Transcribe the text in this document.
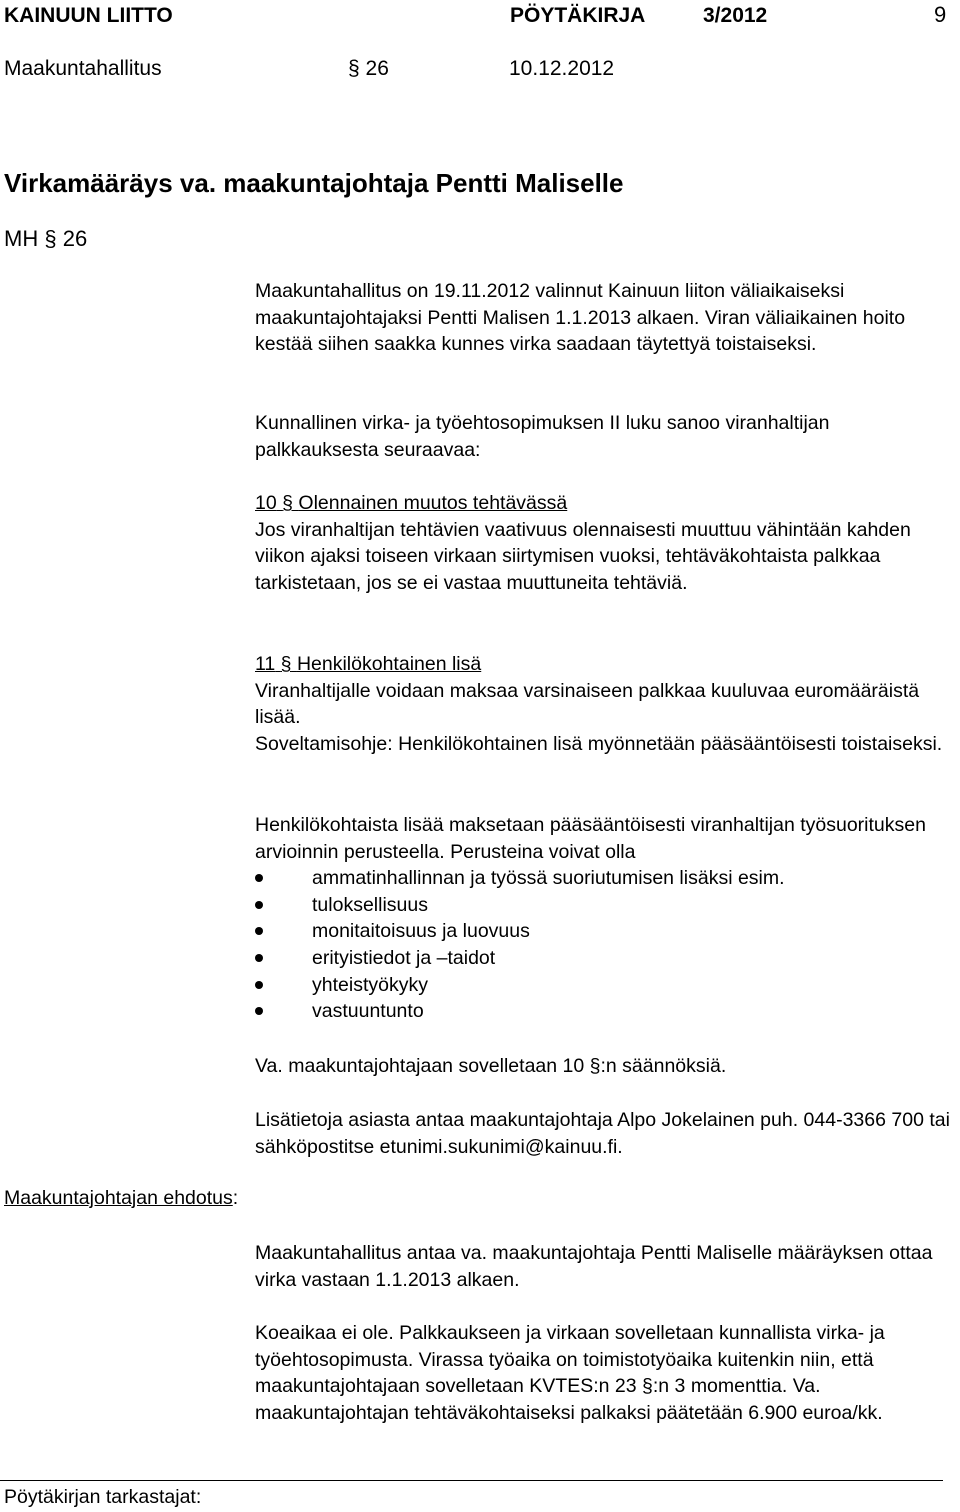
KAINUUN LIITTO	PÖYTÄKIRJA	3/2012	9
Maakuntahallitus	§ 26	10.12.2012
Virkamääräys va. maakuntajohtaja Pentti Maliselle
MH § 26

Maakuntahallitus on 19.11.2012 valinnut Kainuun liiton väliaikaiseksi maakuntajohtajaksi Pentti Malisen 1.1.2013 alkaen. Viran väliaikainen hoito kestää siihen saakka kunnes virka saadaan täytettyä toistaiseksi.

Kunnallinen virka- ja työehtosopimuksen II luku sanoo viranhaltijan palkkauksesta seuraavaa:

10 § Olennainen muutos tehtävässä

Jos viranhaltijan tehtävien vaativuus olennaisesti muuttuu vähintään kahden viikon ajaksi toiseen virkaan siirtymisen vuoksi, tehtäväkohtaista palkkaa tarkistetaan, jos se ei vastaa muuttuneita tehtäviä.

11 § Henkilökohtainen lisä

Viranhaltijalle voidaan maksaa varsinaiseen palkkaa kuuluvaa euromääräistä lisää.

Soveltamisohje: Henkilökohtainen lisä myönnetään pääsääntöisesti toistaiseksi.

Henkilökohtaista lisää maksetaan pääsääntöisesti viranhaltijan työsuorituksen arvioinnin perusteella. Perusteina voivat olla

ammatinhallinnan ja työssä suoriutumisen lisäksi esim.
tuloksellisuus
monitaitoisuus ja luovuus
erityistiedot ja –taidot
yhteistyökyky
vastuuntunto

Va. maakuntajohtajaan sovelletaan 10 §:n säännöksiä.

Lisätietoja asiasta antaa maakuntajohtaja Alpo Jokelainen puh. 044-3366 700 tai sähköpostitse etunimi.sukunimi@kainuu.fi.

Maakuntajohtajan ehdotus:

Maakuntahallitus antaa va. maakuntajohtaja Pentti Maliselle määräyksen ottaa virka vastaan 1.1.2013 alkaen.

Koeaikaa ei ole. Palkkaukseen ja virkaan sovelletaan kunnallista virka- ja työehtosopimusta. Virassa työaika on toimistotyöaika kuitenkin niin, että maakuntajohtajaan sovelletaan KVTES:n 23 §:n 3 momenttia. Va. maakuntajohtajan tehtäväkohtaiseksi palkaksi päätetään 6.900 euroa/kk.

Pöytäkirjan tarkastajat:
